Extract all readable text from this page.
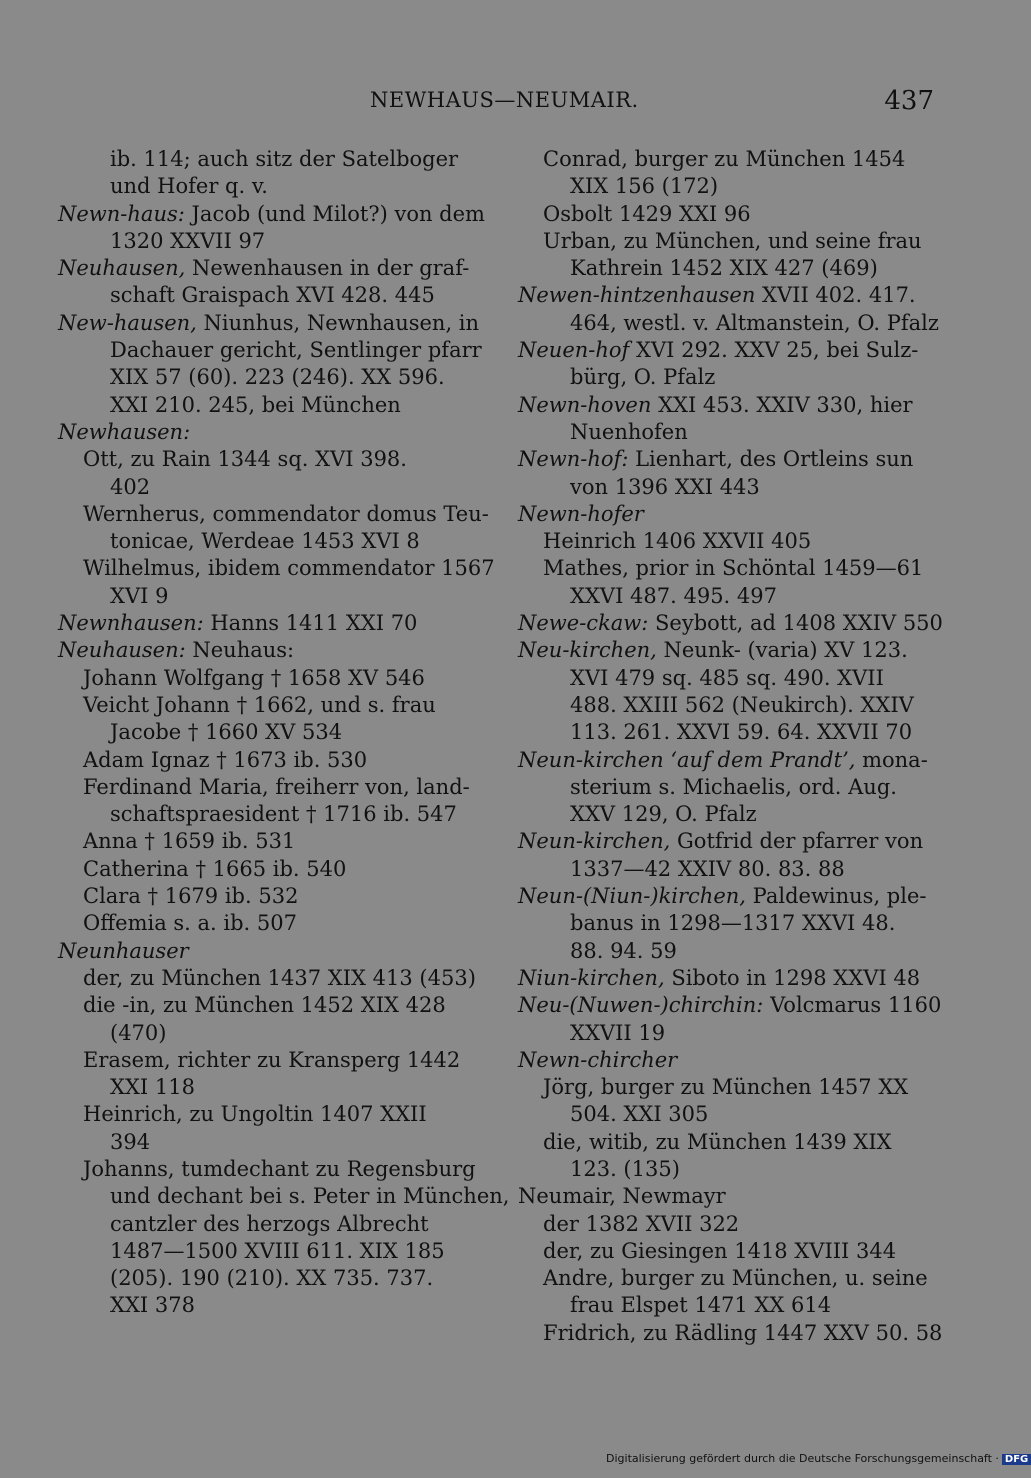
NEWHAUS—NEUMAIR.	437
ib. 114; auch sitz der Satelboger
und Hofer q. v.
Newn-haus: Jacob (und Milot?) von dem
1320 XXVII 97
Neuhausen, Newenhausen in der graf-
schaft Graispach XVI 428. 445
New-hausen, Niunhus, Newnhausen, in
Dachauer gericht, Sentlinger pfarr
XIX 57 (60). 223 (246). XX 596.
XXI 210. 245, bei München
Newhausen:
Ott, zu Rain 1344 sq. XVI 398.
402
Wernherus, commendator domus Teu-
tonicae, Werdeae 1453 XVI 8
Wilhelmus, ibidem commendator 1567
XVI 9
Newnhausen: Hanns 1411 XXI 70
Neuhausen: Neuhaus:
Johann Wolfgang † 1658 XV 546
Veicht Johann † 1662, und s. frau
Jacobe † 1660 XV 534
Adam Ignaz † 1673 ib. 530
Ferdinand Maria, freiherr von, land-
schaftspraesident † 1716 ib. 547
Anna † 1659 ib. 531
Catherina † 1665 ib. 540
Clara † 1679 ib. 532
Offemia s. a. ib. 507
Neunhauser
der, zu München 1437 XIX 413 (453)
die -in, zu München 1452 XIX 428
(470)
Erasem, richter zu Kransperg 1442
XXI 118
Heinrich, zu Ungoltin 1407 XXII
394
Johanns, tumdechant zu Regensburg
und dechant bei s. Peter in München,
cantzler des herzogs Albrecht
1487—1500 XVIII 611. XIX 185
(205). 190 (210). XX 735. 737.
XXI 378
Conrad, burger zu München 1454
XIX 156 (172)
Osbolt 1429 XXI 96
Urban, zu München, und seine frau
Kathrein 1452 XIX 427 (469)
Newen-hintzenhausen XVII 402. 417.
464, westl. v. Altmanstein, O. Pfalz
Neuen-hof XVI 292. XXV 25, bei Sulz-
bürg, O. Pfalz
Newn-hoven XXI 453. XXIV 330, hier
Nuenhofen
Newn-hof: Lienhart, des Ortleins sun
von 1396 XXI 443
Newn-hofer
Heinrich 1406 XXVII 405
Mathes, prior in Schöntal 1459—61
XXVI 487. 495. 497
Newe-ckaw: Seybott, ad 1408 XXIV 550
Neu-kirchen, Neunk- (varia) XV 123.
XVI 479 sq. 485 sq. 490. XVII
488. XXIII 562 (Neukirch). XXIV
113. 261. XXVI 59. 64. XXVII 70
Neun-kirchen ‘auf dem Prandt’, mona-
sterium s. Michaelis, ord. Aug.
XXV 129, O. Pfalz
Neun-kirchen, Gotfrid der pfarrer von
1337—42 XXIV 80. 83. 88
Neun-(Niun-)kirchen, Paldewinus, ple-
banus in 1298—1317 XXVI 48.
88. 94. 59
Niun-kirchen, Siboto in 1298 XXVI 48
Neu-(Nuwen-)chirchin: Volcmarus 1160
XXVII 19
Newn-chircher
Jörg, burger zu München 1457 XX
504. XXI 305
die, witib, zu München 1439 XIX
123. (135)
Neumair, Newmayr
der 1382 XVII 322
der, zu Giesingen 1418 XVIII 344
Andre, burger zu München, u. seine
frau Elspet 1471 XX 614
Fridrich, zu Rädling 1447 XXV 50. 58
Digitalisierung gefördert durch die Deutsche Forschungsgemeinschaft · DFG
